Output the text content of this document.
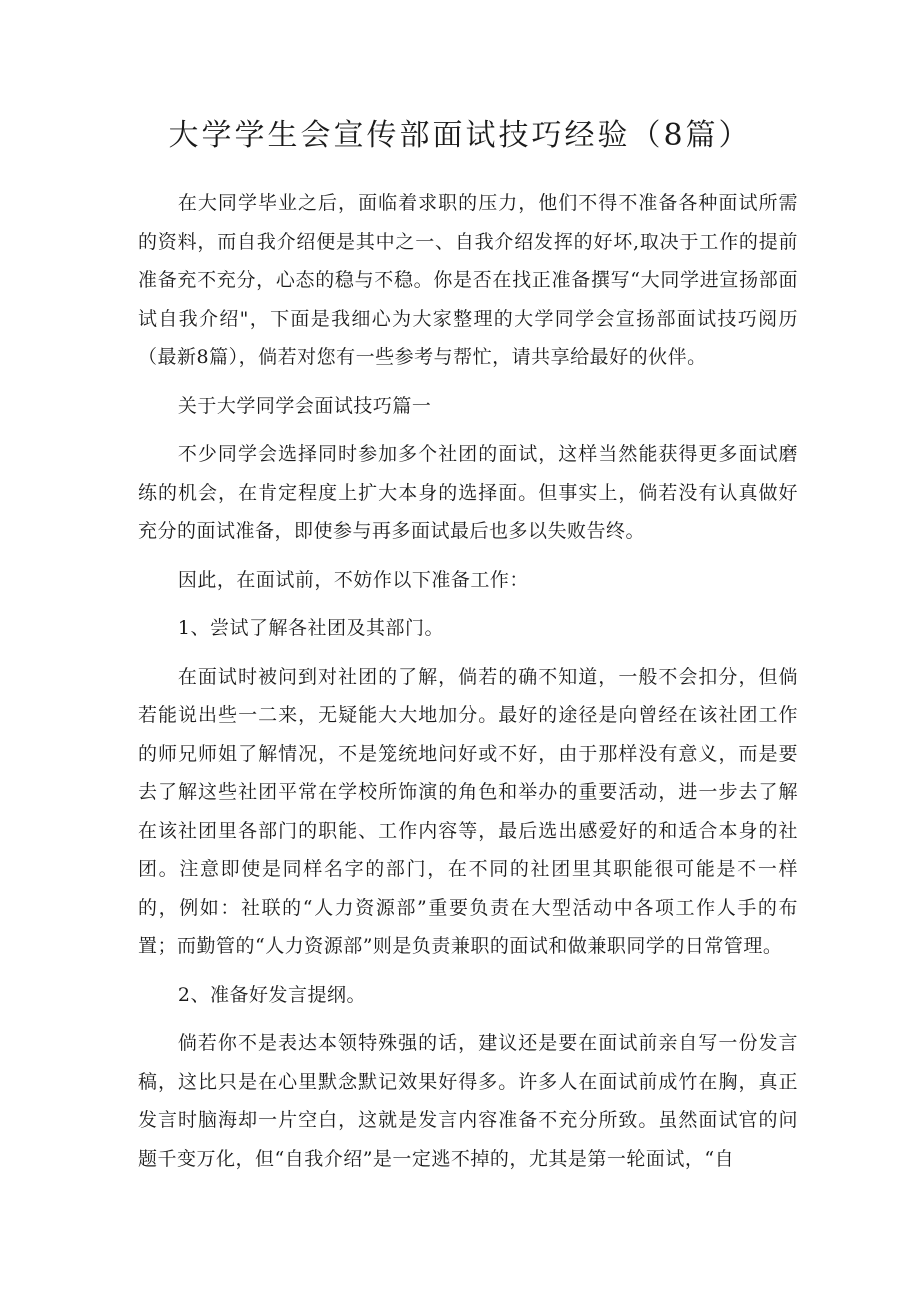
大学学生会宣传部面试技巧经验（8篇）

在大同学毕业之后，面临着求职的压力，他们不得不准备各种面试所需的资料，而自我介绍便是其中之一、自我介绍发挥的好坏,取决于工作的提前准备充不充分，心态的稳与不稳。你是否在找正准备撰写“大同学进宣扬部面试自我介绍"，下面是我细心为大家整理的大学同学会宣扬部面试技巧阅历（最新8篇），倘若对您有一些参考与帮忙，请共享给最好的伙伴。

关于大学同学会面试技巧篇一

不少同学会选择同时参加多个社团的面试，这样当然能获得更多面试磨练的机会，在肯定程度上扩大本身的选择面。但事实上，倘若没有认真做好充分的面试准备，即使参与再多面试最后也多以失败告终。

因此，在面试前，不妨作以下准备工作：

1、尝试了解各社团及其部门。

在面试时被问到对社团的了解，倘若的确不知道，一般不会扣分，但倘若能说出些一二来，无疑能大大地加分。最好的途径是向曾经在该社团工作的师兄师姐了解情况，不是笼统地问好或不好，由于那样没有意义，而是要去了解这些社团平常在学校所饰演的角色和举办的重要活动，进一步去了解在该社团里各部门的职能、工作内容等，最后选出感爱好的和适合本身的社团。注意即使是同样名字的部门，在不同的社团里其职能很可能是不一样的，例如：社联的“人力资源部”重要负责在大型活动中各项工作人手的布置；而勤管的“人力资源部”则是负责兼职的面试和做兼职同学的日常管理。

2、准备好发言提纲。

倘若你不是表达本领特殊强的话，建议还是要在面试前亲自写一份发言稿，这比只是在心里默念默记效果好得多。许多人在面试前成竹在胸，真正发言时脑海却一片空白，这就是发言内容准备不充分所致。虽然面试官的问题千变万化，但“自我介绍”是一定逃不掉的，尤其是第一轮面试，“自
